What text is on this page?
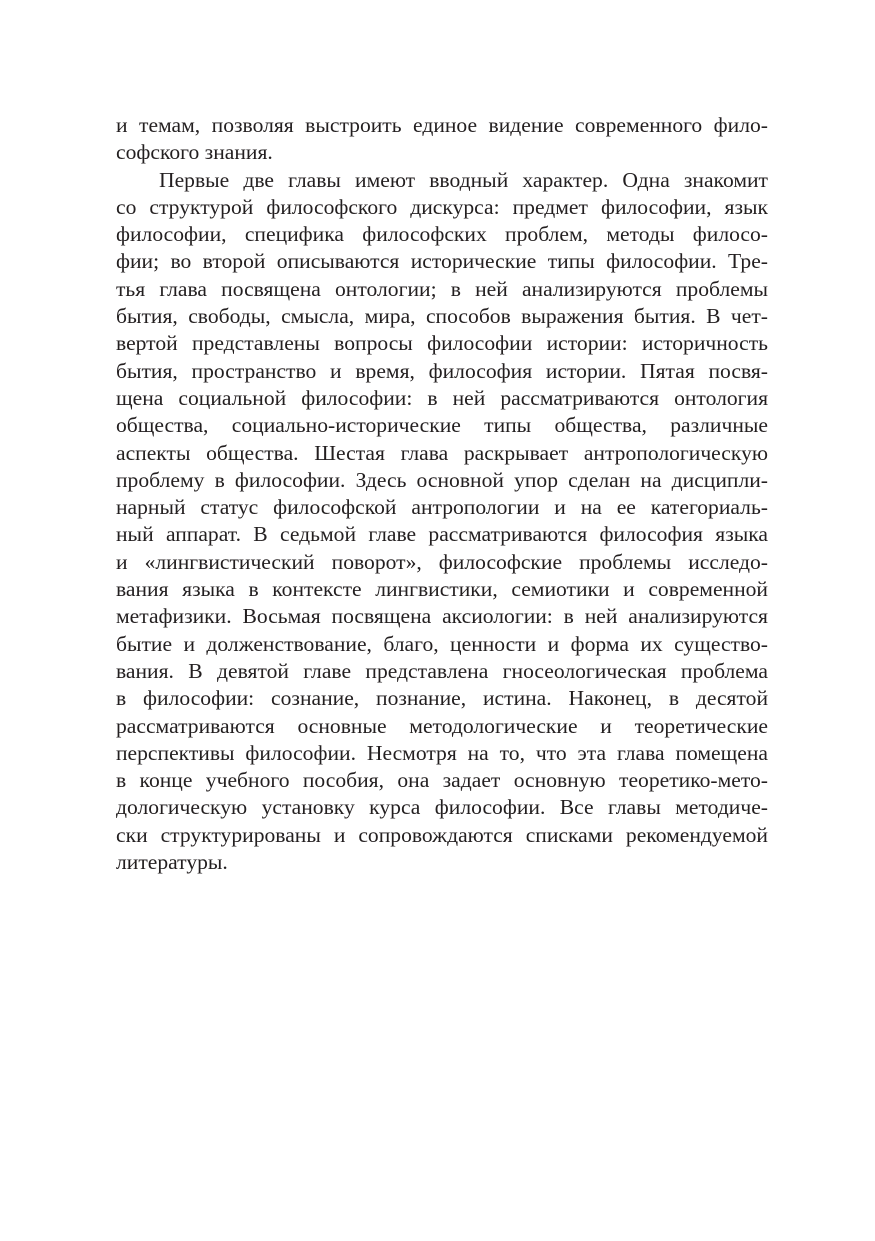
и темам, позволяя выстроить единое видение современного фило-
софского знания.
Первые две главы имеют вводный характер. Одна знакомит
со структурой философского дискурса: предмет философии, язык
философии, специфика философских проблем, методы филосо-
фии; во второй описываются исторические типы философии. Тре-
тья глава посвящена онтологии; в ней анализируются проблемы
бытия, свободы, смысла, мира, способов выражения бытия. В чет-
вертой представлены вопросы философии истории: историчность
бытия, пространство и время, философия истории. Пятая посвя-
щена социальной философии: в ней рассматриваются онтология
общества, социально-исторические типы общества, различные
аспекты общества. Шестая глава раскрывает антропологическую
проблему в философии. Здесь основной упор сделан на дисципли-
нарный статус философской антропологии и на ее категориаль-
ный аппарат. В седьмой главе рассматриваются философия языка
и «лингвистический поворот», философские проблемы исследо-
вания языка в контексте лингвистики, семиотики и современной
метафизики. Восьмая посвящена аксиологии: в ней анализируются
бытие и долженствование, благо, ценности и форма их существо-
вания. В девятой главе представлена гносеологическая проблема
в философии: сознание, познание, истина. Наконец, в десятой
рассматриваются основные методологические и теоретические
перспективы философии. Несмотря на то, что эта глава помещена
в конце учебного пособия, она задает основную теоретико-мето-
дологическую установку курса философии. Все главы методиче-
ски структурированы и сопровождаются списками рекомендуемой
литературы.
